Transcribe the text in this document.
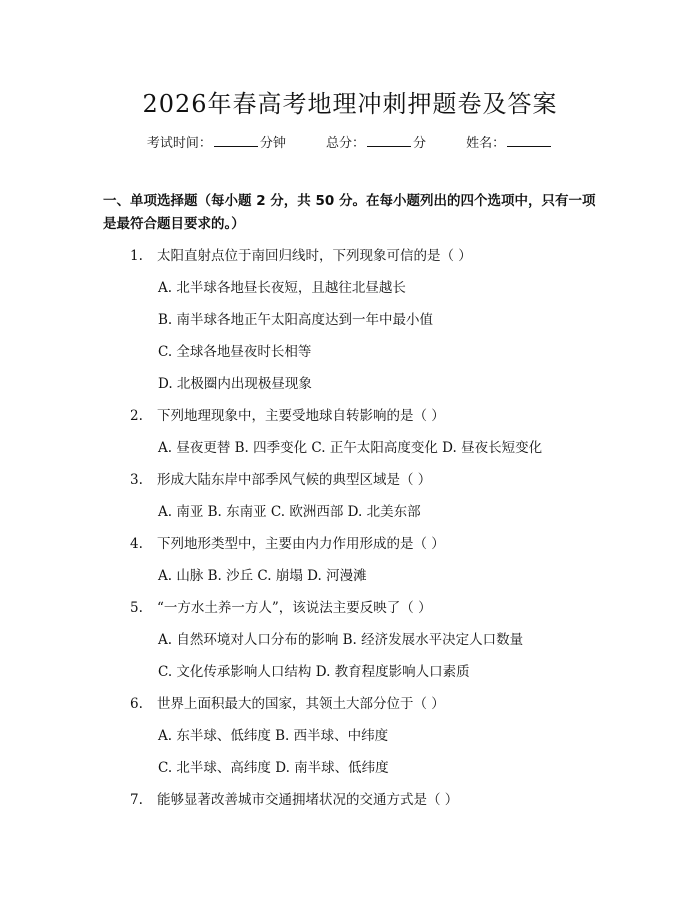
2026年春高考地理冲刺押题卷及答案
考试时间：	分钟	总分：	分	姓名：
一、单项选择题（每小题 2 分，共 50 分。在每小题列出的四个选项中，只有一项是最符合题目要求的。）
1. 太阳直射点位于南回归线时，下列现象可信的是（ ）
A. 北半球各地昼长夜短，且越往北昼越长
B. 南半球各地正午太阳高度达到一年中最小值
C. 全球各地昼夜时长相等
D. 北极圈内出现极昼现象
2. 下列地理现象中，主要受地球自转影响的是（ ）
A. 昼夜更替 B. 四季变化 C. 正午太阳高度变化 D. 昼夜长短变化
3. 形成大陆东岸中部季风气候的典型区域是（ ）
A. 南亚 B. 东南亚 C. 欧洲西部 D. 北美东部
4. 下列地形类型中，主要由内力作用形成的是（ ）
A. 山脉 B. 沙丘 C. 崩塌 D. 河漫滩
5. “一方水土养一方人”，该说法主要反映了（ ）
A. 自然环境对人口分布的影响 B. 经济发展水平决定人口数量
C. 文化传承影响人口结构 D. 教育程度影响人口素质
6. 世界上面积最大的国家，其领土大部分位于（ ）
A. 东半球、低纬度 B. 西半球、中纬度
C. 北半球、高纬度 D. 南半球、低纬度
7. 能够显著改善城市交通拥堵状况的交通方式是（ ）
